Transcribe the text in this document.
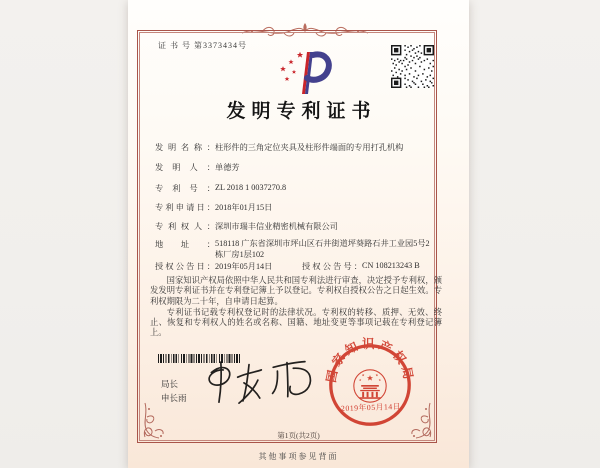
证 书 号 第3373434号
发明专利证书
发明名称：柱形件的三角定位夹具及柱形件端面的专用打孔机构
发明人：单德芳
专利号：ZL 2018 1 0037270.8
专利申请日：2018年01月15日
专利权人：深圳市瑞丰信业精密机械有限公司
地址： 518118 广东省深圳市坪山区石井街道坪葵路石井工业园5号2栋厂房1层102
授权公告日：2019年05月14日	授权公告号：CN 108213243 B

国家知识产权局依照中华人民共和国专利法进行审查，决定授予专利权，颁发发明专利证书并在专利登记簿上予以登记。专利权自授权公告之日起生效。专利权期限为二十年，自申请日起算。

专利证书记载专利权登记时的法律状况。专利权的转移、质押、无效、终止、恢复和专利权人的姓名或名称、国籍、地址变更等事项记载在专利登记簿上。

局长
申长雨
国家知识产权局
2019年05月14日
第1页(共2页)
其他事项参见背面
